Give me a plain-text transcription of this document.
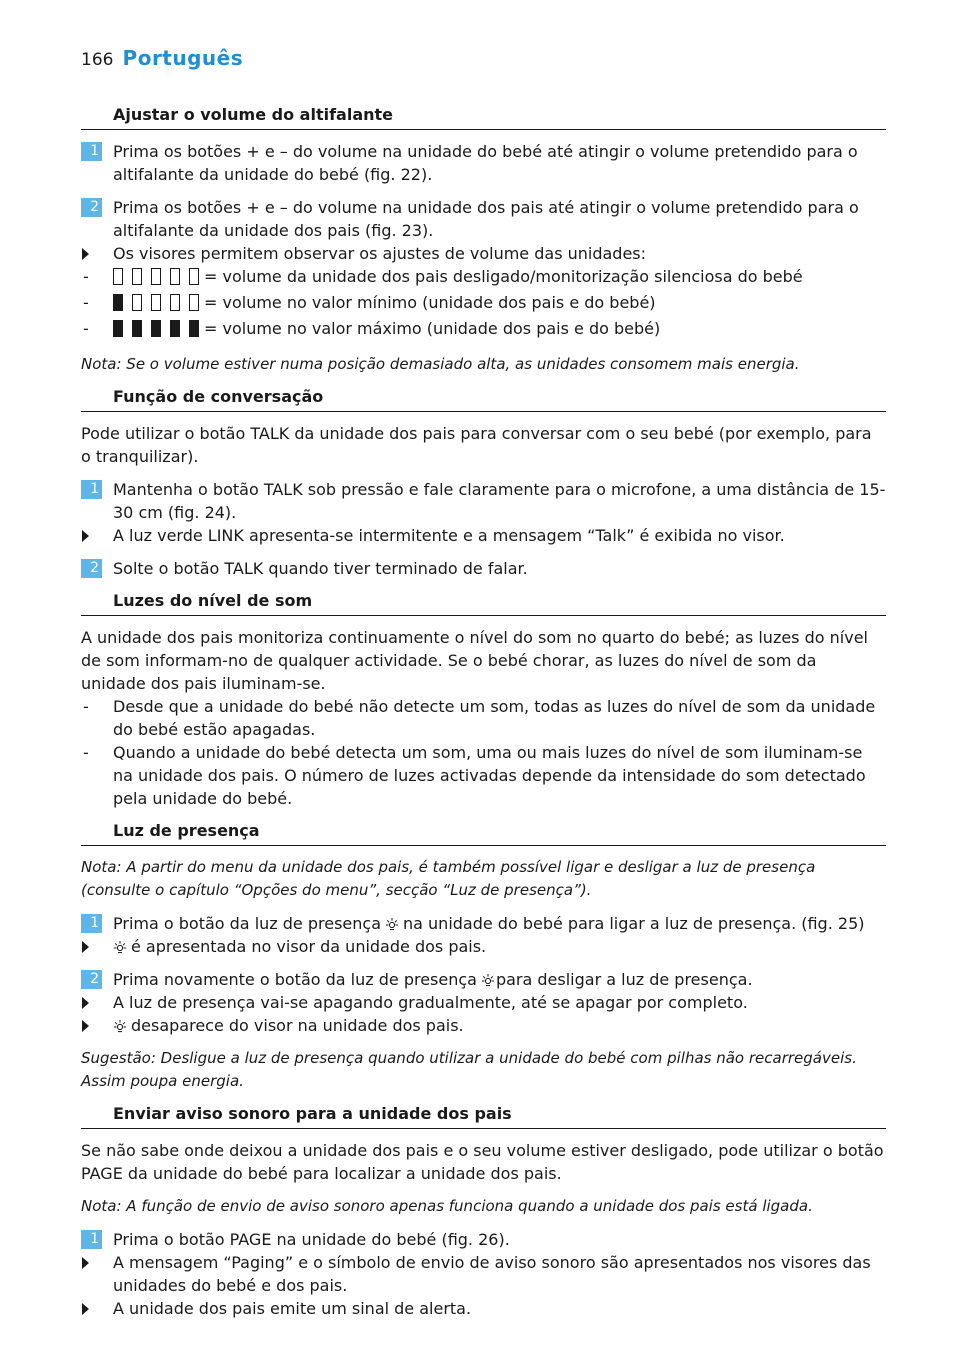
166 Português
Ajustar o volume do altifalante
1 Prima os botões + e – do volume na unidade do bebé até atingir o volume pretendido para o altifalante da unidade do bebé (fig. 22).
2 Prima os botões + e – do volume na unidade dos pais até atingir o volume pretendido para o altifalante da unidade dos pais (fig. 23).
Os visores permitem observar os ajustes de volume das unidades:
-	= volume da unidade dos pais desligado/monitorização silenciosa do bebé
-	= volume no valor mínimo (unidade dos pais e do bebé)
-	= volume no valor máximo (unidade dos pais e do bebé)
Nota: Se o volume estiver numa posição demasiado alta, as unidades consomem mais energia.
Função de conversação
Pode utilizar o botão TALK da unidade dos pais para conversar com o seu bebé (por exemplo, para o tranquilizar).
1 Mantenha o botão TALK sob pressão e fale claramente para o microfone, a uma distância de 15-30 cm (fig. 24).
A luz verde LINK apresenta-se intermitente e a mensagem “Talk” é exibida no visor.
2 Solte o botão TALK quando tiver terminado de falar.
Luzes do nível de som
A unidade dos pais monitoriza continuamente o nível do som no quarto do bebé; as luzes do nível de som informam-no de qualquer actividade. Se o bebé chorar, as luzes do nível de som da unidade dos pais iluminam-se.
- Desde que a unidade do bebé não detecte um som, todas as luzes do nível de som da unidade do bebé estão apagadas.
- Quando a unidade do bebé detecta um som, uma ou mais luzes do nível de som iluminam-se na unidade dos pais. O número de luzes activadas depende da intensidade do som detectado pela unidade do bebé.
Luz de presença
Nota: A partir do menu da unidade dos pais, é também possível ligar e desligar a luz de presença (consulte o capítulo “Opções do menu”, secção “Luz de presença”).
1 Prima o botão da luz de presença na unidade do bebé para ligar a luz de presença. (fig. 25)
é apresentada no visor da unidade dos pais.
2 Prima novamente o botão da luz de presença para desligar a luz de presença.
A luz de presença vai-se apagando gradualmente, até se apagar por completo.
desaparece do visor na unidade dos pais.
Sugestão: Desligue a luz de presença quando utilizar a unidade do bebé com pilhas não recarregáveis. Assim poupa energia.
Enviar aviso sonoro para a unidade dos pais
Se não sabe onde deixou a unidade dos pais e o seu volume estiver desligado, pode utilizar o botão PAGE da unidade do bebé para localizar a unidade dos pais.
Nota: A função de envio de aviso sonoro apenas funciona quando a unidade dos pais está ligada.
1 Prima o botão PAGE na unidade do bebé (fig. 26).
A mensagem “Paging” e o símbolo de envio de aviso sonoro são apresentados nos visores das unidades do bebé e dos pais.
A unidade dos pais emite um sinal de alerta.
